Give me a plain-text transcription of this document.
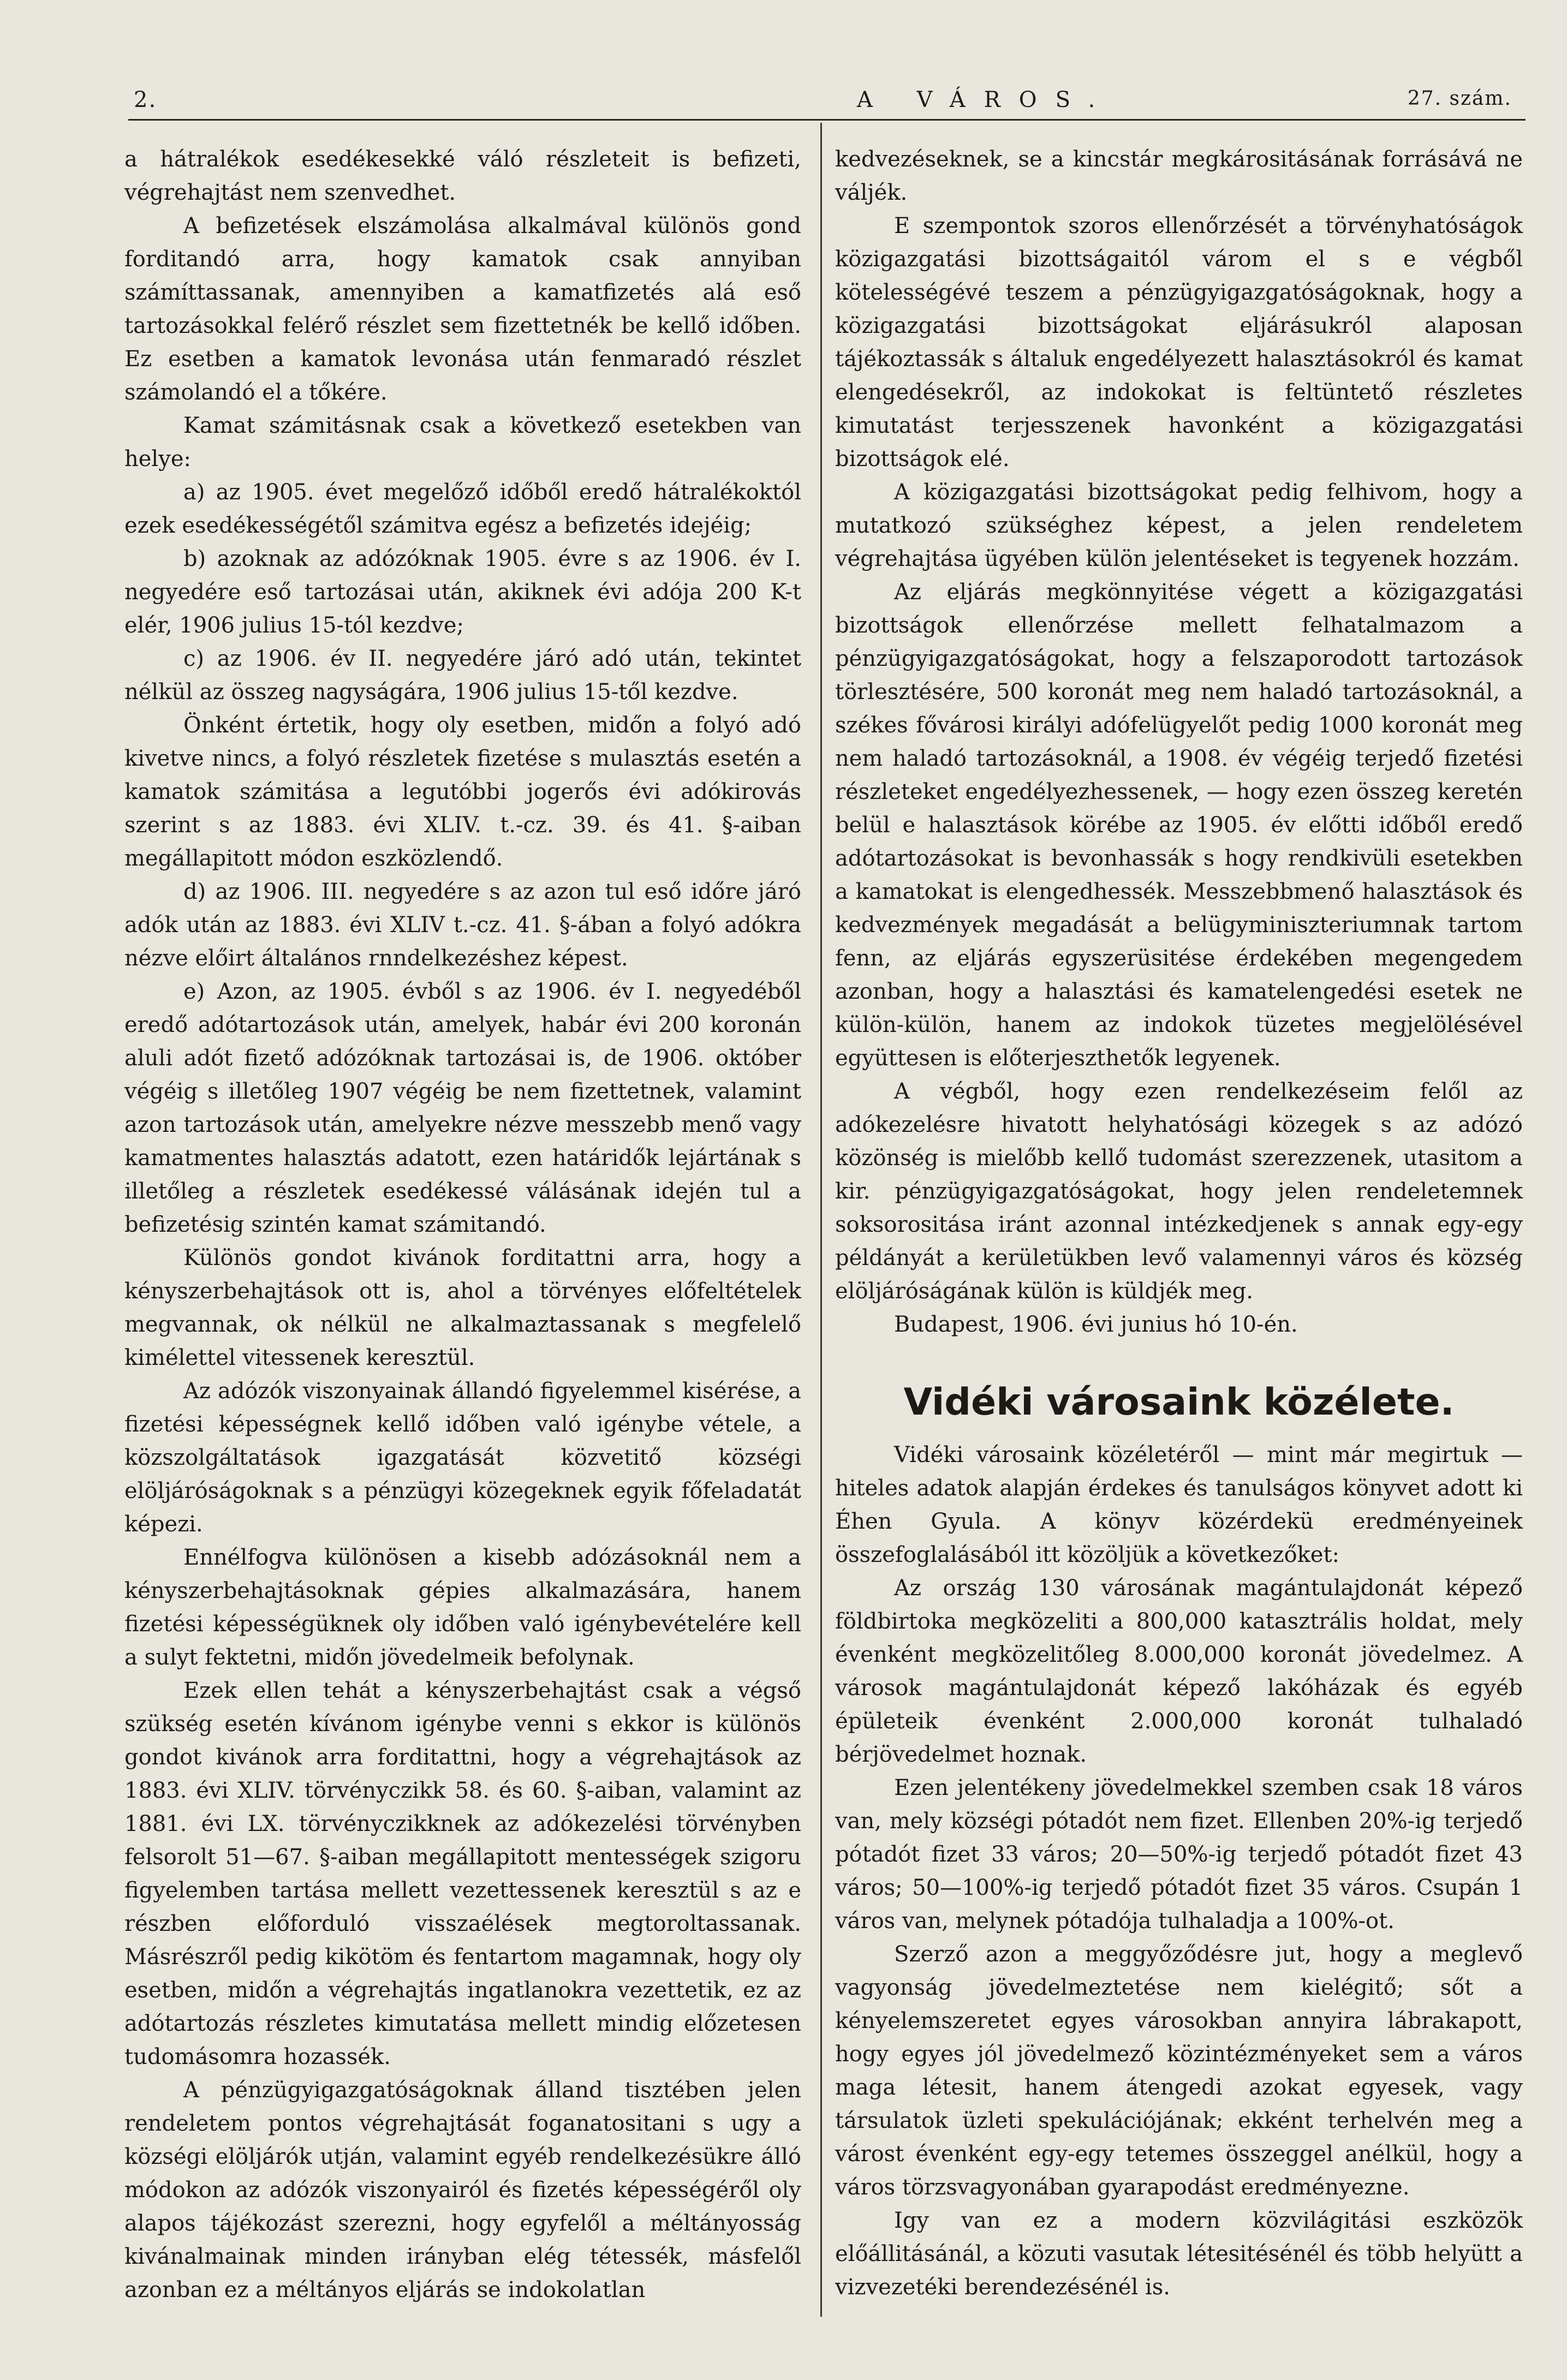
2.	A VÁROS.	27. szám.

a hátralékok esedékesekké váló részleteit is befizeti, végrehajtást nem szenvedhet.

A befizetések elszámolása alkalmával különös gond forditandó arra, hogy kamatok csak annyiban számíttassanak, amennyiben a kamatfizetés alá eső tartozásokkal felérő részlet sem fizettetnék be kellő időben. Ez esetben a kamatok levonása után fenmaradó részlet számolandó el a tőkére.

Kamat számitásnak csak a következő esetekben van helye:

a) az 1905. évet megelőző időből eredő hátralékoktól ezek esedékességétől számitva egész a befizetés idejéig;

b) azoknak az adózóknak 1905. évre s az 1906. év I. negyedére eső tartozásai után, akiknek évi adója 200 K-t elér, 1906 julius 15-tól kezdve;

c) az 1906. év II. negyedére járó adó után, tekintet nélkül az összeg nagyságára, 1906 julius 15-től kezdve.

Önként értetik, hogy oly esetben, midőn a folyó adó kivetve nincs, a folyó részletek fizetése s mulasztás esetén a kamatok számitása a legutóbbi jogerős évi adókirovás szerint s az 1883. évi XLIV. t.-cz. 39. és 41. §-aiban megállapitott módon eszközlendő.

d) az 1906. III. negyedére s az azon tul eső időre járó adók után az 1883. évi XLIV t.-cz. 41. §-ában a folyó adókra nézve előirt általános rnndelkezéshez képest.

e) Azon, az 1905. évből s az 1906. év I. negyedéből eredő adótartozások után, amelyek, habár évi 200 koronán aluli adót fizető adózóknak tartozásai is, de 1906. október végéig s illetőleg 1907 végéig be nem fizettetnek, valamint azon tartozások után, amelyekre nézve messzebb menő vagy kamatmentes halasztás adatott, ezen határidők lejártának s illetőleg a részletek esedékessé válásának idején tul a befizetésig szintén kamat számitandó.

Különös gondot kivánok forditattni arra, hogy a kényszerbehajtások ott is, ahol a törvényes előfeltételek megvannak, ok nélkül ne alkalmaztassanak s megfelelő kimélettel vitessenek keresztül.

Az adózók viszonyainak állandó figyelemmel kisérése, a fizetési képességnek kellő időben való igénybe vétele, a közszolgáltatások igazgatását közvetitő községi elöljáróságoknak s a pénzügyi közegeknek egyik főfeladatát képezi.

Ennélfogva különösen a kisebb adózásoknál nem a kényszerbehajtásoknak gépies alkalmazására, hanem fizetési képességüknek oly időben való igénybevételére kell a sulyt fektetni, midőn jövedelmeik befolynak.

Ezek ellen tehát a kényszerbehajtást csak a végső szükség esetén kívánom igénybe venni s ekkor is különös gondot kivánok arra forditattni, hogy a végrehajtások az 1883. évi XLIV. törvényczikk 58. és 60. §-aiban, valamint az 1881. évi LX. törvényczikknek az adókezelési törvényben felsorolt 51—67. §-aiban megállapitott mentességek szigoru figyelemben tartása mellett vezettessenek keresztül s az e részben előforduló visszaélések megtoroltassanak. Másrészről pedig kikötöm és fentartom magamnak, hogy oly esetben, midőn a végrehajtás ingatlanokra vezettetik, ez az adótartozás részletes kimutatása mellett mindig előzetesen tudomásomra hozassék.

A pénzügyigazgatóságoknak álland tisztében jelen rendeletem pontos végrehajtását foganatositani s ugy a községi elöljárók utján, valamint egyéb rendelkezésükre álló módokon az adózók viszonyairól és fizetés képességéről oly alapos tájékozást szerezni, hogy egyfelől a méltányosság kivánalmainak minden irányban elég tétessék, másfelől azonban ez a méltányos eljárás se indokolatlan

kedvezéseknek, se a kincstár megkárositásának forrásává ne váljék.

E szempontok szoros ellenőrzését a törvényhatóságok közigazgatási bizottságaitól várom el s e végből kötelességévé teszem a pénzügyigazgatóságoknak, hogy a közigazgatási bizottságokat eljárásukról alaposan tájékoztassák s általuk engedélyezett halasztásokról és kamat elengedésekről, az indokokat is feltüntető részletes kimutatást terjesszenek havonként a közigazgatási bizottságok elé.

A közigazgatási bizottságokat pedig felhivom, hogy a mutatkozó szükséghez képest, a jelen rendeletem végrehajtása ügyében külön jelentéseket is tegyenek hozzám.

Az eljárás megkönnyitése végett a közigazgatási bizottságok ellenőrzése mellett felhatalmazom a pénzügyigazgatóságokat, hogy a felszaporodott tartozások törlesztésére, 500 koronát meg nem haladó tartozásoknál, a székes fővárosi királyi adófelügyelőt pedig 1000 koronát meg nem haladó tartozásoknál, a 1908. év végéig terjedő fizetési részleteket engedélyezhessenek, — hogy ezen összeg keretén belül e halasztások körébe az 1905. év előtti időből eredő adótartozásokat is bevonhassák s hogy rendkivüli esetekben a kamatokat is elengedhessék. Messzebbmenő halasztások és kedvezmények megadását a belügyminiszteriumnak tartom fenn, az eljárás egyszerüsitése érdekében megengedem azonban, hogy a halasztási és kamatelengedési esetek ne külön-külön, hanem az indokok tüzetes megjelölésével együttesen is előterjeszthetők legyenek.

A végből, hogy ezen rendelkezéseim felől az adókezelésre hivatott helyhatósági közegek s az adózó közönség is mielőbb kellő tudomást szerezzenek, utasitom a kir. pénzügyigazgatóságokat, hogy jelen rendeletemnek soksorositása iránt azonnal intézkedjenek s annak egy-egy példányát a kerületükben levő valamennyi város és község elöljáróságának külön is küldjék meg.

Budapest, 1906. évi junius hó 10-én.

Vidéki városaink közélete.

Vidéki városaink közéletéről — mint már megirtuk — hiteles adatok alapján érdekes és tanulságos könyvet adott ki Éhen Gyula. A könyv közérdekü eredményeinek összefoglalásából itt közöljük a következőket:

Az ország 130 városának magántulajdonát képező földbirtoka megközeliti a 800,000 katasztrális holdat, mely évenként megközelitőleg 8.000,000 koronát jövedelmez. A városok magántulajdonát képező lakóházak és egyéb épületeik évenként 2.000,000 koronát tulhaladó bérjövedelmet hoznak.

Ezen jelentékeny jövedelmekkel szemben csak 18 város van, mely községi pótadót nem fizet. Ellenben 20%-ig terjedő pótadót fizet 33 város; 20—50%-ig terjedő pótadót fizet 43 város; 50—100%-ig terjedő pótadót fizet 35 város. Csupán 1 város van, melynek pótadója tulhaladja a 100%-ot.

Szerző azon a meggyőződésre jut, hogy a meglevő vagyonság jövedelmeztetése nem kielégitő; sőt a kényelemszeretet egyes városokban annyira lábrakapott, hogy egyes jól jövedelmező közintézményeket sem a város maga létesit, hanem átengedi azokat egyesek, vagy társulatok üzleti spekulációjának; ekként terhelvén meg a várost évenként egy-egy tetemes összeggel anélkül, hogy a város törzsvagyonában gyarapodást eredményezne.

Igy van ez a modern közvilágitási eszközök előállitásánál, a közuti vasutak létesitésénél és több helyütt a vizvezetéki berendezésénél is.
